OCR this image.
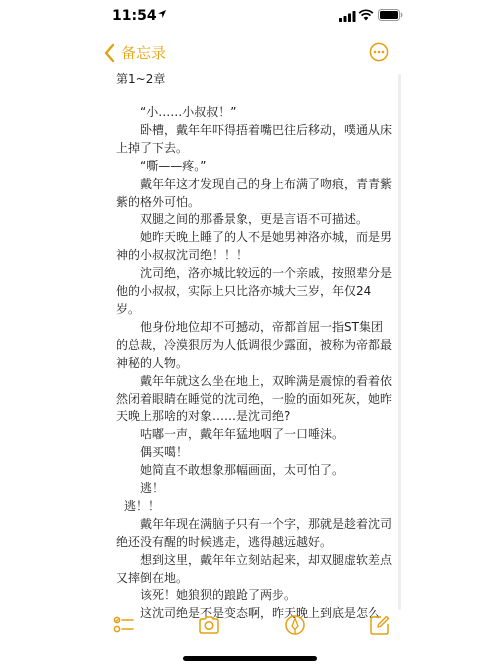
11:54
备忘录

第1~2章

“小……小叔叔！”

卧槽，戴年年吓得捂着嘴巴往后移动，噗通从床上掉了下去。

“嘶——疼。”

戴年年这才发现自己的身上布满了吻痕，青青紫紫的格外可怕。

双腿之间的那番景象，更是言语不可描述。

她昨天晚上睡了的人不是她男神洛亦城，而是男神的小叔叔沈司绝！！！

沈司绝，洛亦城比较远的一个亲戚，按照辈分是他的小叔叔，实际上只比洛亦城大三岁，年仅24岁。

他身份地位却不可撼动，帝都首屈一指ST集团的总裁，冷漠狠厉为人低调很少露面，被称为帝都最神秘的人物。

戴年年就这么坐在地上，双眸满是震惊的看着依然闭着眼睛在睡觉的沈司绝，一脸的面如死灰，她昨天晚上那啥的对象……是沈司绝?

咕嘟一声，戴年年猛地咽了一口唾沫。

偶买噶！

她简直不敢想象那幅画面，太可怕了。

逃！

逃！！

戴年年现在满脑子只有一个字，那就是趁着沈司绝还没有醒的时候逃走，逃得越远越好。

想到这里，戴年年立刻站起来，却双腿虚软差点又摔倒在地。

该死！她狼狈的踉跄了两步。

这沈司绝是不是变态啊，昨天晚上到底是怎么
